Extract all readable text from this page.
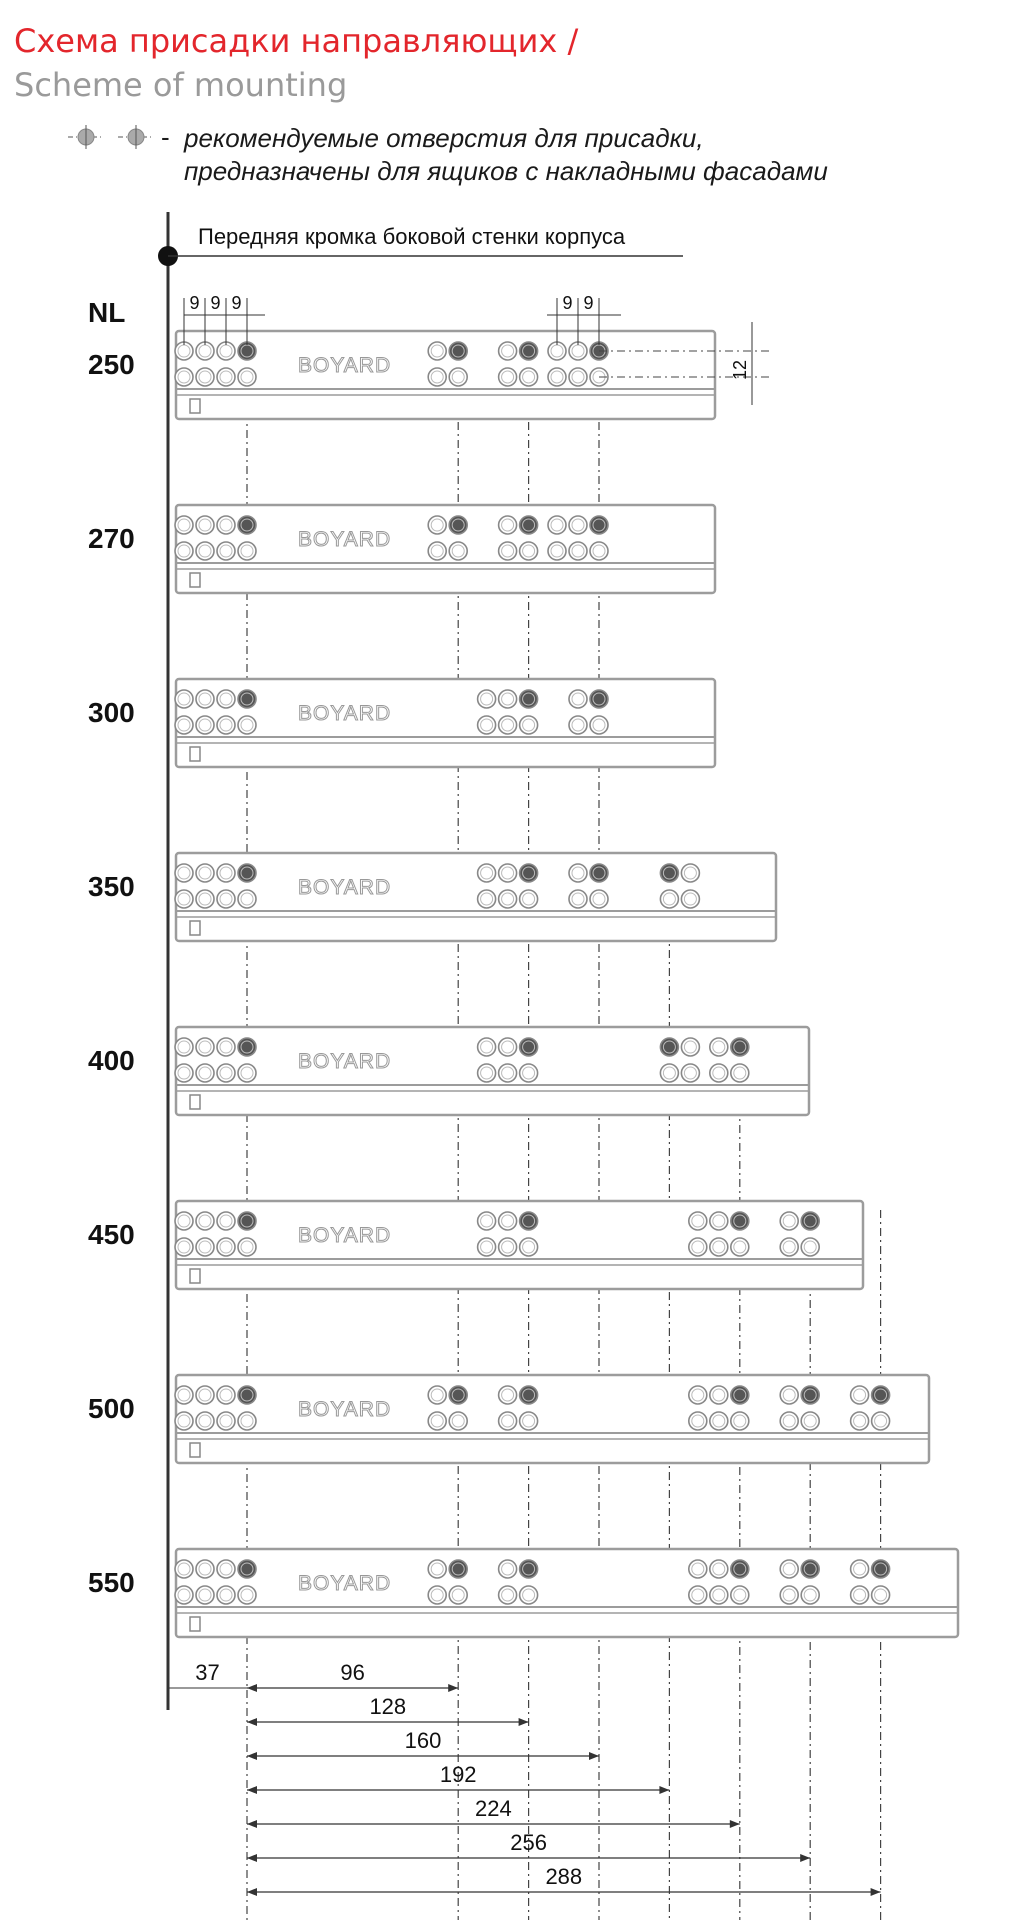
Схема присадки направляющих /
Scheme of mounting
- рекомендуемые отверстия для присадки,
предназначены для ящиков с накладными фасадами
Передняя кромка боковой стенки корпуса
NL
BOYARD
250
BOYARD
270
BOYARD
300
BOYARD
350
BOYARD
400
BOYARD
450
BOYARD
500
BOYARD
550
9 9 9	9 9
12
37	96
128
160
192
224
256
288
